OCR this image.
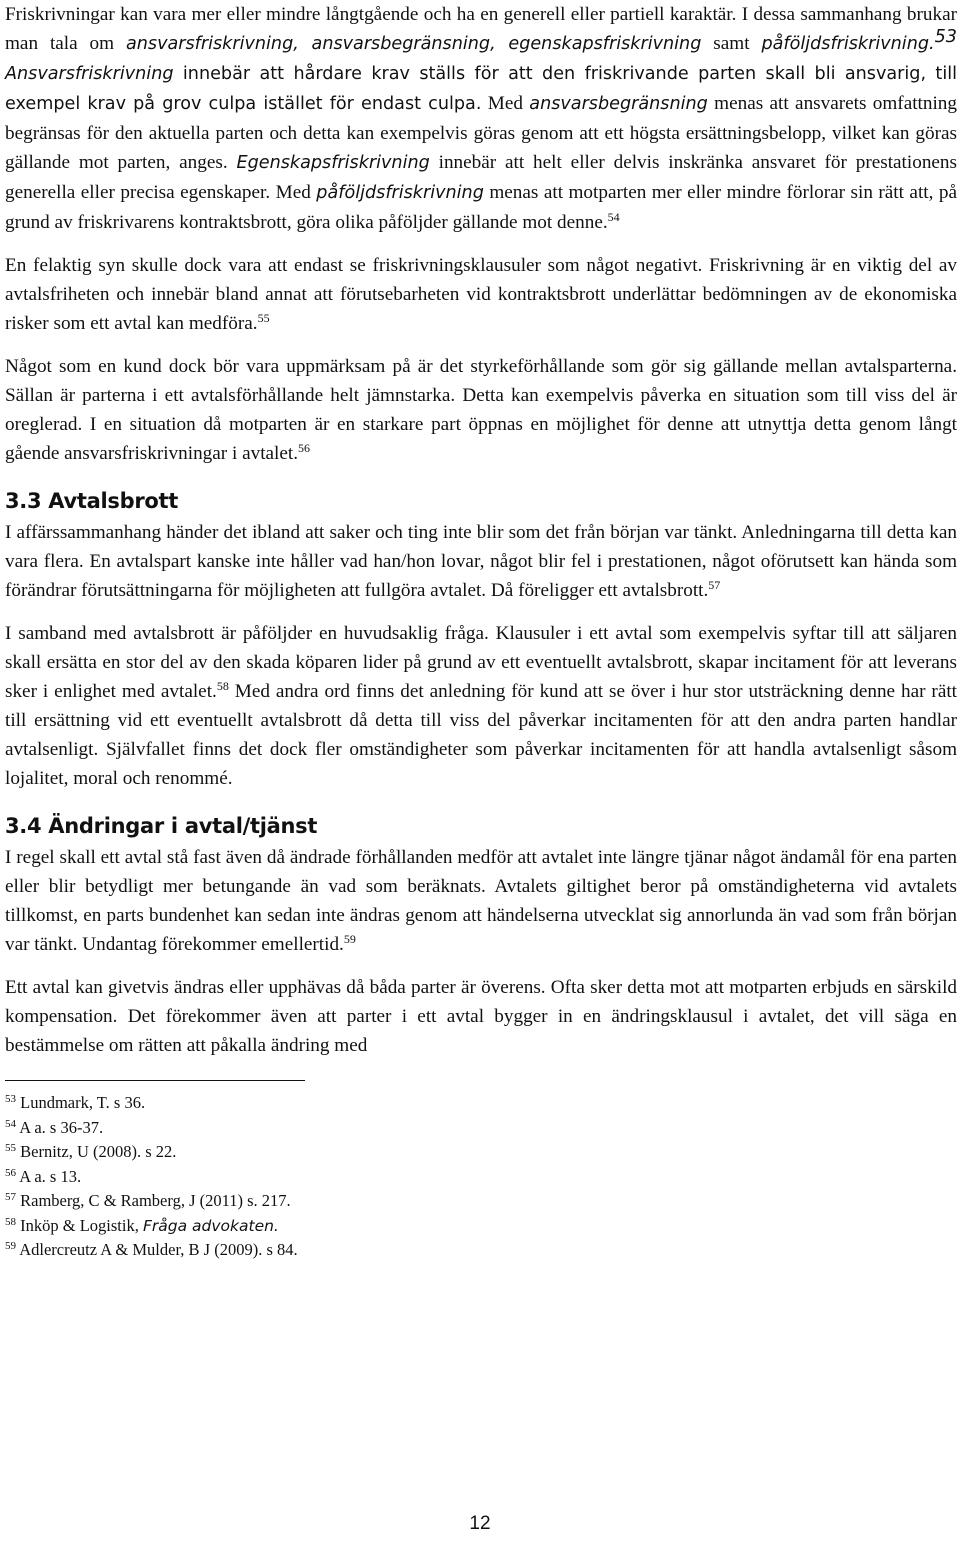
Friskrivningar kan vara mer eller mindre långtgående och ha en generell eller partiell karaktär. I dessa sammanhang brukar man tala om ansvarsfriskrivning, ansvarsbegränsning, egenskapsfriskrivning samt påföljdsfriskrivning.$^{53}$ Ansvarsfriskrivning innebär att hårdare krav ställs för att den friskrivande parten skall bli ansvarig, till exempel krav på grov culpa istället för endast culpa. Med ansvarsbegränsning menas att ansvarets omfattning begränsas för den aktuella parten och detta kan exempelvis göras genom att ett högsta ersättningsbelopp, vilket kan göras gällande mot parten, anges. Egenskapsfriskrivning innebär att helt eller delvis inskränka ansvaret för prestationens generella eller precisa egenskaper. Med påföljdsfriskrivning menas att motparten mer eller mindre förlorar sin rätt att, på grund av friskrivarens kontraktsbrott, göra olika påföljder gällande mot denne.$^{54}$

En felaktig syn skulle dock vara att endast se friskrivningsklausuler som något negativt. Friskrivning är en viktig del av avtalsfriheten och innebär bland annat att förutsebarheten vid kontraktsbrott underlättar bedömningen av de ekonomiska risker som ett avtal kan medföra.$^{55}$

Något som en kund dock bör vara uppmärksam på är det styrkeförhållande som gör sig gällande mellan avtalsparterna. Sällan är parterna i ett avtalsförhållande helt jämnstarka. Detta kan exempelvis påverka en situation som till viss del är oreglerad. I en situation då motparten är en starkare part öppnas en möjlighet för denne att utnyttja detta genom långt gående ansvarsfriskrivningar i avtalet.$^{56}$

3.3 Avtalsbrott

I affärssammanhang händer det ibland att saker och ting inte blir som det från början var tänkt. Anledningarna till detta kan vara flera. En avtalspart kanske inte håller vad han/hon lovar, något blir fel i prestationen, något oförutsett kan hända som förändrar förutsättningarna för möjligheten att fullgöra avtalet. Då föreligger ett avtalsbrott.$^{57}$

I samband med avtalsbrott är påföljder en huvudsaklig fråga. Klausuler i ett avtal som exempelvis syftar till att säljaren skall ersätta en stor del av den skada köparen lider på grund av ett eventuellt avtalsbrott, skapar incitament för att leverans sker i enlighet med avtalet.$^{58}$ Med andra ord finns det anledning för kund att se över i hur stor utsträckning denne har rätt till ersättning vid ett eventuellt avtalsbrott då detta till viss del påverkar incitamenten för att den andra parten handlar avtalsenligt. Självfallet finns det dock fler omständigheter som påverkar incitamenten för att handla avtalsenligt såsom lojalitet, moral och renommé.

3.4 Ändringar i avtal/tjänst

I regel skall ett avtal stå fast även då ändrade förhållanden medför att avtalet inte längre tjänar något ändamål för ena parten eller blir betydligt mer betungande än vad som beräknats. Avtalets giltighet beror på omständigheterna vid avtalets tillkomst, en parts bundenhet kan sedan inte ändras genom att händelserna utvecklat sig annorlunda än vad som från början var tänkt. Undantag förekommer emellertid.$^{59}$

Ett avtal kan givetvis ändras eller upphävas då båda parter är överens. Ofta sker detta mot att motparten erbjuds en särskild kompensation. Det förekommer även att parter i ett avtal bygger in en ändringsklausul i avtalet, det vill säga en bestämmelse om rätten att påkalla ändring med

$^{53}$ Lundmark, T. s 36.

$^{54}$ A a. s 36-37.

$^{55}$ Bernitz, U (2008). s 22.

$^{56}$ A a. s 13.

$^{57}$ Ramberg, C & Ramberg, J (2011) s. 217.

$^{58}$ Inköp & Logistik, Fråga advokaten.

$^{59}$ Adlercreutz A & Mulder, B J (2009). s 84.

12
